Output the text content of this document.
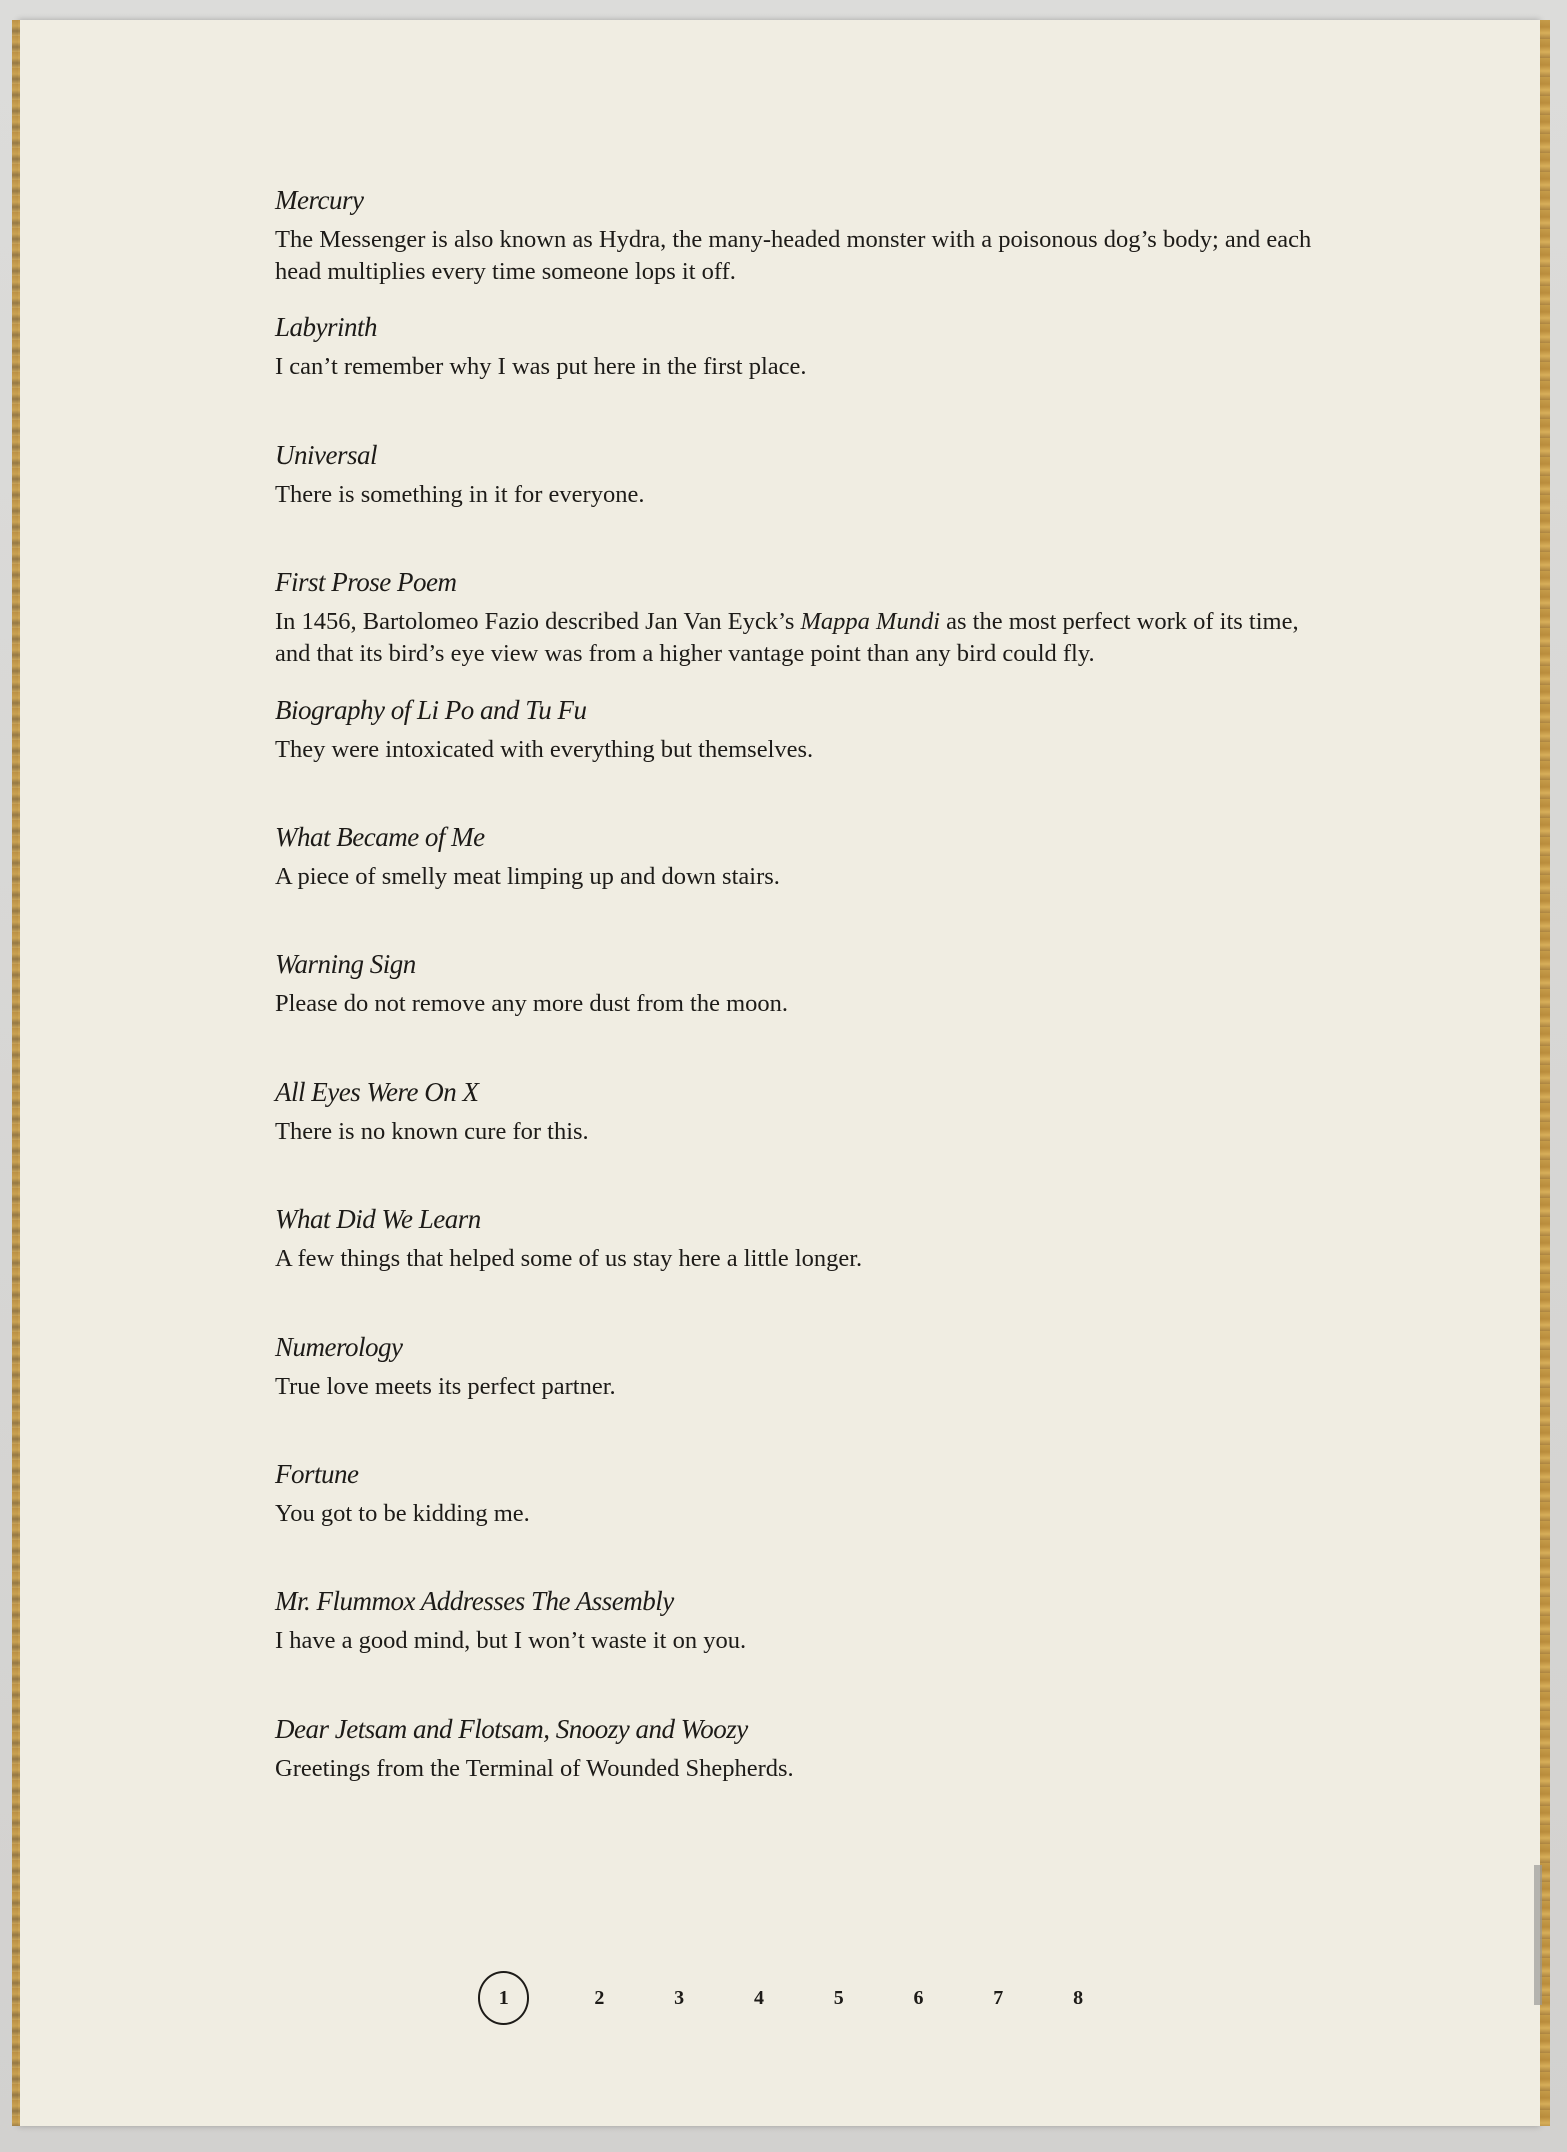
Mercury
The Messenger is also known as Hydra, the many-headed monster with a poisonous dog’s body; and each head multiplies every time someone lops it off.
Labyrinth
I can’t remember why I was put here in the first place.
Universal
There is something in it for everyone.
First Prose Poem
In 1456, Bartolomeo Fazio described Jan Van Eyck’s Mappa Mundi as the most perfect work of its time, and that its bird’s eye view was from a higher vantage point than any bird could fly.
Biography of Li Po and Tu Fu
They were intoxicated with everything but themselves.
What Became of Me
A piece of smelly meat limping up and down stairs.
Warning Sign
Please do not remove any more dust from the moon.
All Eyes Were On X
There is no known cure for this.
What Did We Learn
A few things that helped some of us stay here a little longer.
Numerology
True love meets its perfect partner.
Fortune
You got to be kidding me.
Mr. Flummox Addresses The Assembly
I have a good mind, but I won’t waste it on you.
Dear Jetsam and Flotsam, Snoozy and Woozy
Greetings from the Terminal of Wounded Shepherds.
1	2	3	4	5	6	7	8
